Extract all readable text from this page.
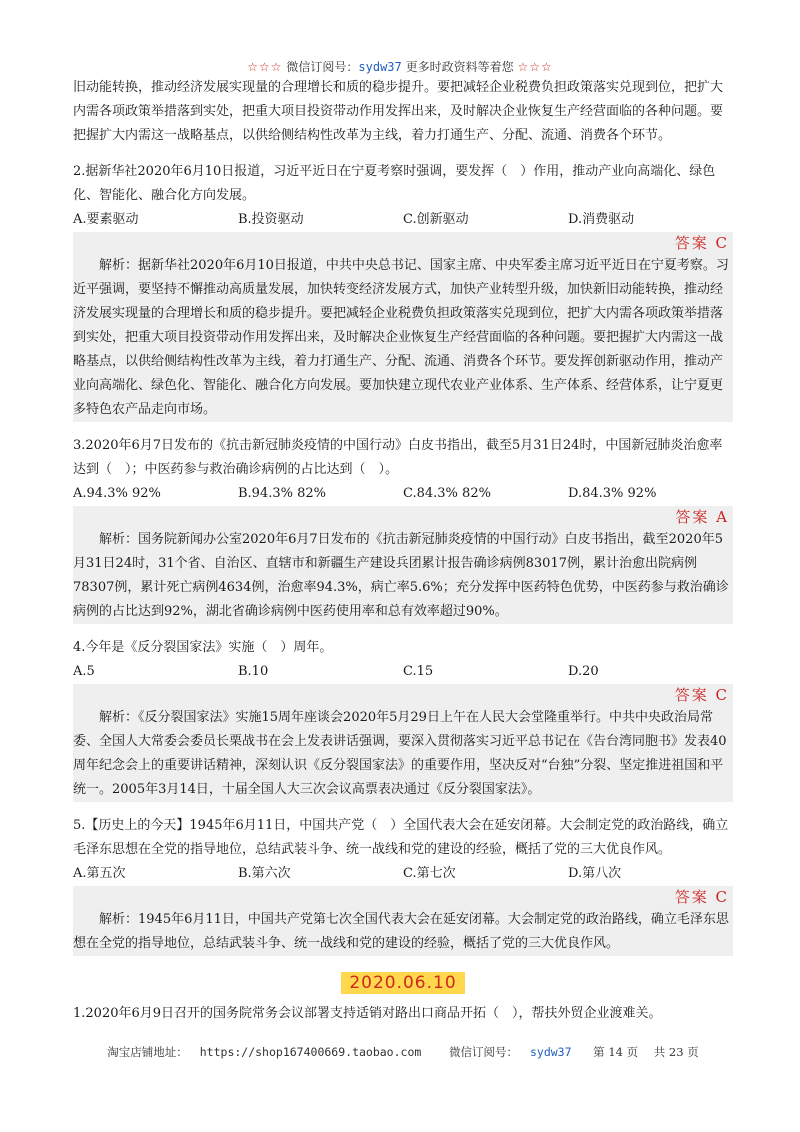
☆☆☆ 微信订阅号：sydw37 更多时政资料等着您 ☆☆☆

旧动能转换，推动经济发展实现量的合理增长和质的稳步提升。要把减轻企业税费负担政策落实兑现到位，把扩大内需各项政策举措落到实处，把重大项目投资带动作用发挥出来，及时解决企业恢复生产经营面临的各种问题。要把握扩大内需这一战略基点，以供给侧结构性改革为主线，着力打通生产、分配、流通、消费各个环节。

2.据新华社2020年6月10日报道，习近平近日在宁夏考察时强调，要发挥（　）作用，推动产业向高端化、绿色化、智能化、融合化方向发展。

A.要素驱动	B.投资驱动	C.创新驱动	D.消费驱动
答案 C

解析：据新华社2020年6月10日报道，中共中央总书记、国家主席、中央军委主席习近平近日在宁夏考察。习近平强调，要坚持不懈推动高质量发展，加快转变经济发展方式，加快产业转型升级，加快新旧动能转换，推动经济发展实现量的合理增长和质的稳步提升。要把减轻企业税费负担政策落实兑现到位，把扩大内需各项政策举措落到实处，把重大项目投资带动作用发挥出来，及时解决企业恢复生产经营面临的各种问题。要把握扩大内需这一战略基点，以供给侧结构性改革为主线，着力打通生产、分配、流通、消费各个环节。要发挥创新驱动作用，推动产业向高端化、绿色化、智能化、融合化方向发展。要加快建立现代农业产业体系、生产体系、经营体系，让宁夏更多特色农产品走向市场。

3.2020年6月7日发布的《抗击新冠肺炎疫情的中国行动》白皮书指出，截至5月31日24时，中国新冠肺炎治愈率达到（　）；中医药参与救治确诊病例的占比达到（　）。

A.94.3% 92%	B.94.3% 82%	C.84.3% 82%	D.84.3% 92%
答案 A

解析：国务院新闻办公室2020年6月7日发布的《抗击新冠肺炎疫情的中国行动》白皮书指出，截至2020年5月31日24时，31个省、自治区、直辖市和新疆生产建设兵团累计报告确诊病例83017例，累计治愈出院病例78307例，累计死亡病例4634例，治愈率94.3%，病亡率5.6%；充分发挥中医药特色优势，中医药参与救治确诊病例的占比达到92%，湖北省确诊病例中医药使用率和总有效率超过90%。

4.今年是《反分裂国家法》实施（　）周年。

A.5	B.10	C.15	D.20
答案 C

解析：《反分裂国家法》实施15周年座谈会2020年5月29日上午在人民大会堂隆重举行。中共中央政治局常委、全国人大常委会委员长栗战书在会上发表讲话强调，要深入贯彻落实习近平总书记在《告台湾同胞书》发表40周年纪念会上的重要讲话精神，深刻认识《反分裂国家法》的重要作用，坚决反对“台独”分裂、坚定推进祖国和平统一。2005年3月14日，十届全国人大三次会议高票表决通过《反分裂国家法》。

5.【历史上的今天】1945年6月11日，中国共产党（　）全国代表大会在延安闭幕。大会制定党的政治路线，确立毛泽东思想在全党的指导地位，总结武装斗争、统一战线和党的建设的经验，概括了党的三大优良作风。

A.第五次	B.第六次	C.第七次	D.第八次
答案 C

解析：1945年6月11日，中国共产党第七次全国代表大会在延安闭幕。大会制定党的政治路线，确立毛泽东思想在全党的指导地位，总结武装斗争、统一战线和党的建设的经验，概括了党的三大优良作风。

2020.06.10

1.2020年6月9日召开的国务院常务会议部署支持适销对路出口商品开拓（　），帮扶外贸企业渡难关。

淘宝店铺地址： https://shop167400669.taobao.com 微信订阅号： sydw37 第 14 页 共 23 页
